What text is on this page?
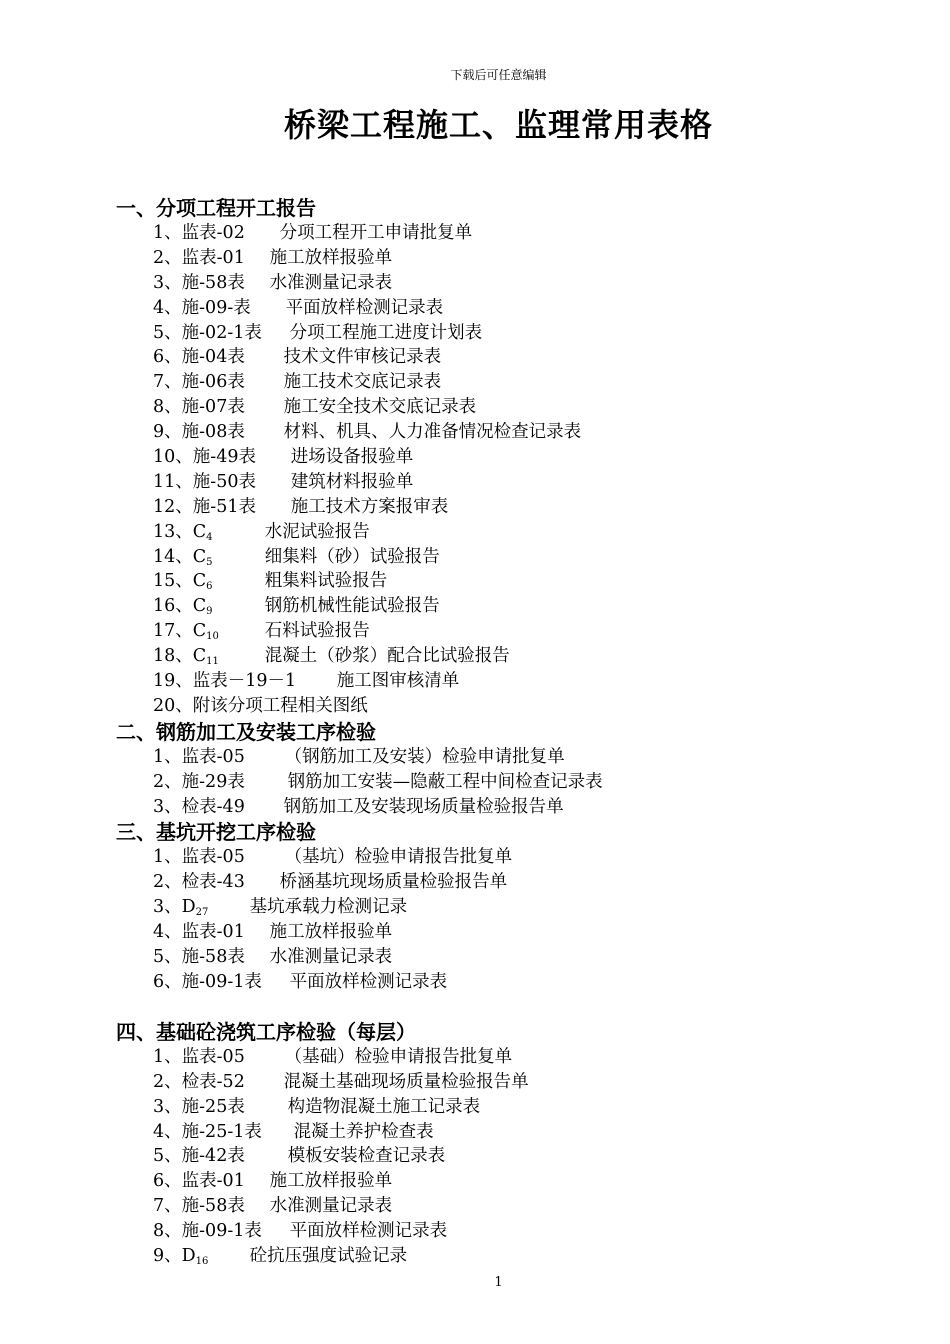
下载后可任意编辑
桥梁工程施工、监理常用表格
一、分项工程开工报告
1、监表-02 分项工程开工申请批复单
2、监表-01 施工放样报验单
3、施-58表 水准测量记录表
4、施-09-表 平面放样检测记录表
5、施-02-1表 分项工程施工进度计划表
6、施-04表 技术文件审核记录表
7、施-06表 施工技术交底记录表
8、施-07表 施工安全技术交底记录表
9、施-08表 材料、机具、人力准备情况检查记录表
10、施-49表 进场设备报验单
11、施-50表 建筑材料报验单
12、施-51表 施工技术方案报审表
13、$C_4$	水泥试验报告
14、$C_5$	细集料（砂）试验报告
15、$C_6$	粗集料试验报告
16、$C_9$	钢筋机械性能试验报告
17、$C_{10}$	石料试验报告
18、$C_{11}$	混凝土（砂浆）配合比试验报告
19、监表－19－1 施工图审核清单
20、附该分项工程相关图纸
二、钢筋加工及安装工序检验
1、监表-05 （钢筋加工及安装）检验申请批复单
2、施-29表 钢筋加工安装—隐蔽工程中间检查记录表
3、检表-49 钢筋加工及安装现场质量检验报告单
三、基坑开挖工序检验
1、监表-05 （基坑）检验申请报告批复单
2、检表-43 桥涵基坑现场质量检验报告单
3、$D_{27}$ 基坑承载力检测记录
4、监表-01 施工放样报验单
5、施-58表 水准测量记录表
6、施-09-1表 平面放样检测记录表
四、基础砼浇筑工序检验（每层）
1、监表-05 （基础）检验申请报告批复单
2、检表-52 混凝土基础现场质量检验报告单
3、施-25表 构造物混凝土施工记录表
4、施-25-1表 混凝土养护检查表
5、施-42表 模板安装检查记录表
6、监表-01 施工放样报验单
7、施-58表 水准测量记录表
8、施-09-1表 平面放样检测记录表
9、$D_{16}$ 砼抗压强度试验记录
1
